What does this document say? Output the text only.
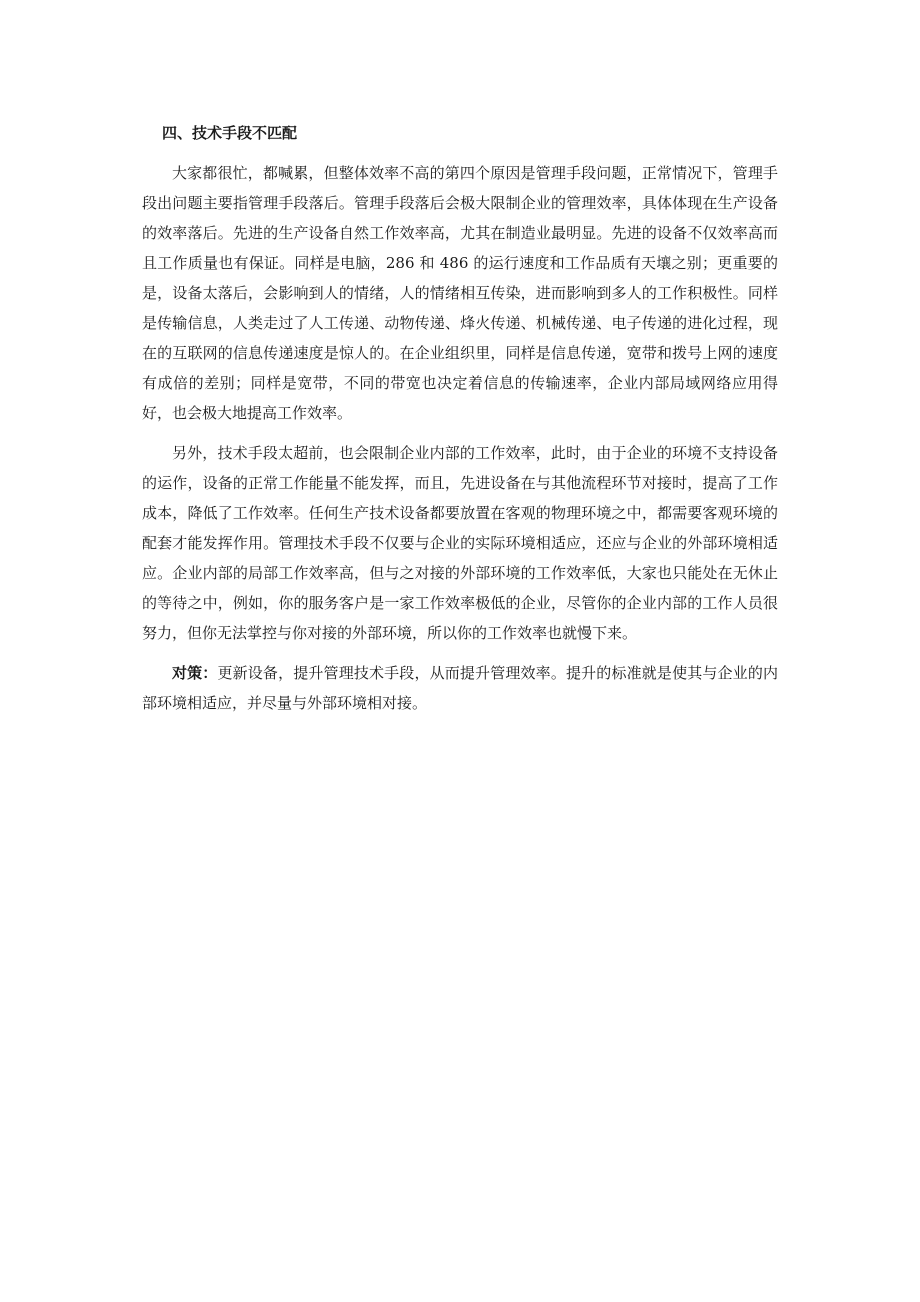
四、技术手段不匹配

大家都很忙，都喊累，但整体效率不高的第四个原因是管理手段问题，正常情况下，管理手段出问题主要指管理手段落后。管理手段落后会极大限制企业的管理效率，具体体现在生产设备的效率落后。先进的生产设备自然工作效率高，尤其在制造业最明显。先进的设备不仅效率高而且工作质量也有保证。同样是电脑，286 和 486 的运行速度和工作品质有天壤之别；更重要的是，设备太落后，会影响到人的情绪，人的情绪相互传染，进而影响到多人的工作积极性。同样是传输信息，人类走过了人工传递、动物传递、烽火传递、机械传递、电子传递的进化过程，现在的互联网的信息传递速度是惊人的。在企业组织里，同样是信息传递，宽带和拨号上网的速度有成倍的差别；同样是宽带，不同的带宽也决定着信息的传输速率，企业内部局域网络应用得好，也会极大地提高工作效率。

另外，技术手段太超前，也会限制企业内部的工作效率，此时，由于企业的环境不支持设备的运作，设备的正常工作能量不能发挥，而且，先进设备在与其他流程环节对接时，提高了工作成本，降低了工作效率。任何生产技术设备都要放置在客观的物理环境之中，都需要客观环境的配套才能发挥作用。管理技术手段不仅要与企业的实际环境相适应，还应与企业的外部环境相适应。企业内部的局部工作效率高，但与之对接的外部环境的工作效率低，大家也只能处在无休止的等待之中，例如，你的服务客户是一家工作效率极低的企业，尽管你的企业内部的工作人员很努力，但你无法掌控与你对接的外部环境，所以你的工作效率也就慢下来。

对策：更新设备，提升管理技术手段，从而提升管理效率。提升的标准就是使其与企业的内部环境相适应，并尽量与外部环境相对接。
